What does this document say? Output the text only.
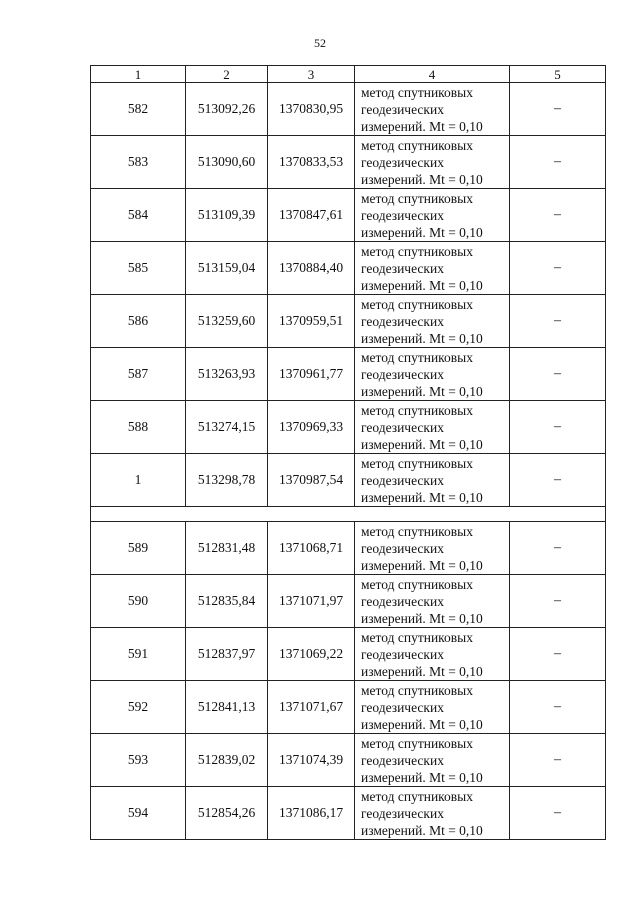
52
1	2	3	4	5
582	513092,26	1370830,95	метод спутниковых
геодезических
измерений. Mt = 0,10	–
583	513090,60	1370833,53	метод спутниковых
геодезических
измерений. Mt = 0,10	–
584	513109,39	1370847,61	метод спутниковых
геодезических
измерений. Mt = 0,10	–
585	513159,04	1370884,40	метод спутниковых
геодезических
измерений. Mt = 0,10	–
586	513259,60	1370959,51	метод спутниковых
геодезических
измерений. Mt = 0,10	–
587	513263,93	1370961,77	метод спутниковых
геодезических
измерений. Mt = 0,10	–
588	513274,15	1370969,33	метод спутниковых
геодезических
измерений. Mt = 0,10	–
1	513298,78	1370987,54	метод спутниковых
геодезических
измерений. Mt = 0,10	–

589	512831,48	1371068,71	метод спутниковых
геодезических
измерений. Mt = 0,10	–
590	512835,84	1371071,97	метод спутниковых
геодезических
измерений. Mt = 0,10	–
591	512837,97	1371069,22	метод спутниковых
геодезических
измерений. Mt = 0,10	–
592	512841,13	1371071,67	метод спутниковых
геодезических
измерений. Mt = 0,10	–
593	512839,02	1371074,39	метод спутниковых
геодезических
измерений. Mt = 0,10	–
594	512854,26	1371086,17	метод спутниковых
геодезических
измерений. Mt = 0,10	–
